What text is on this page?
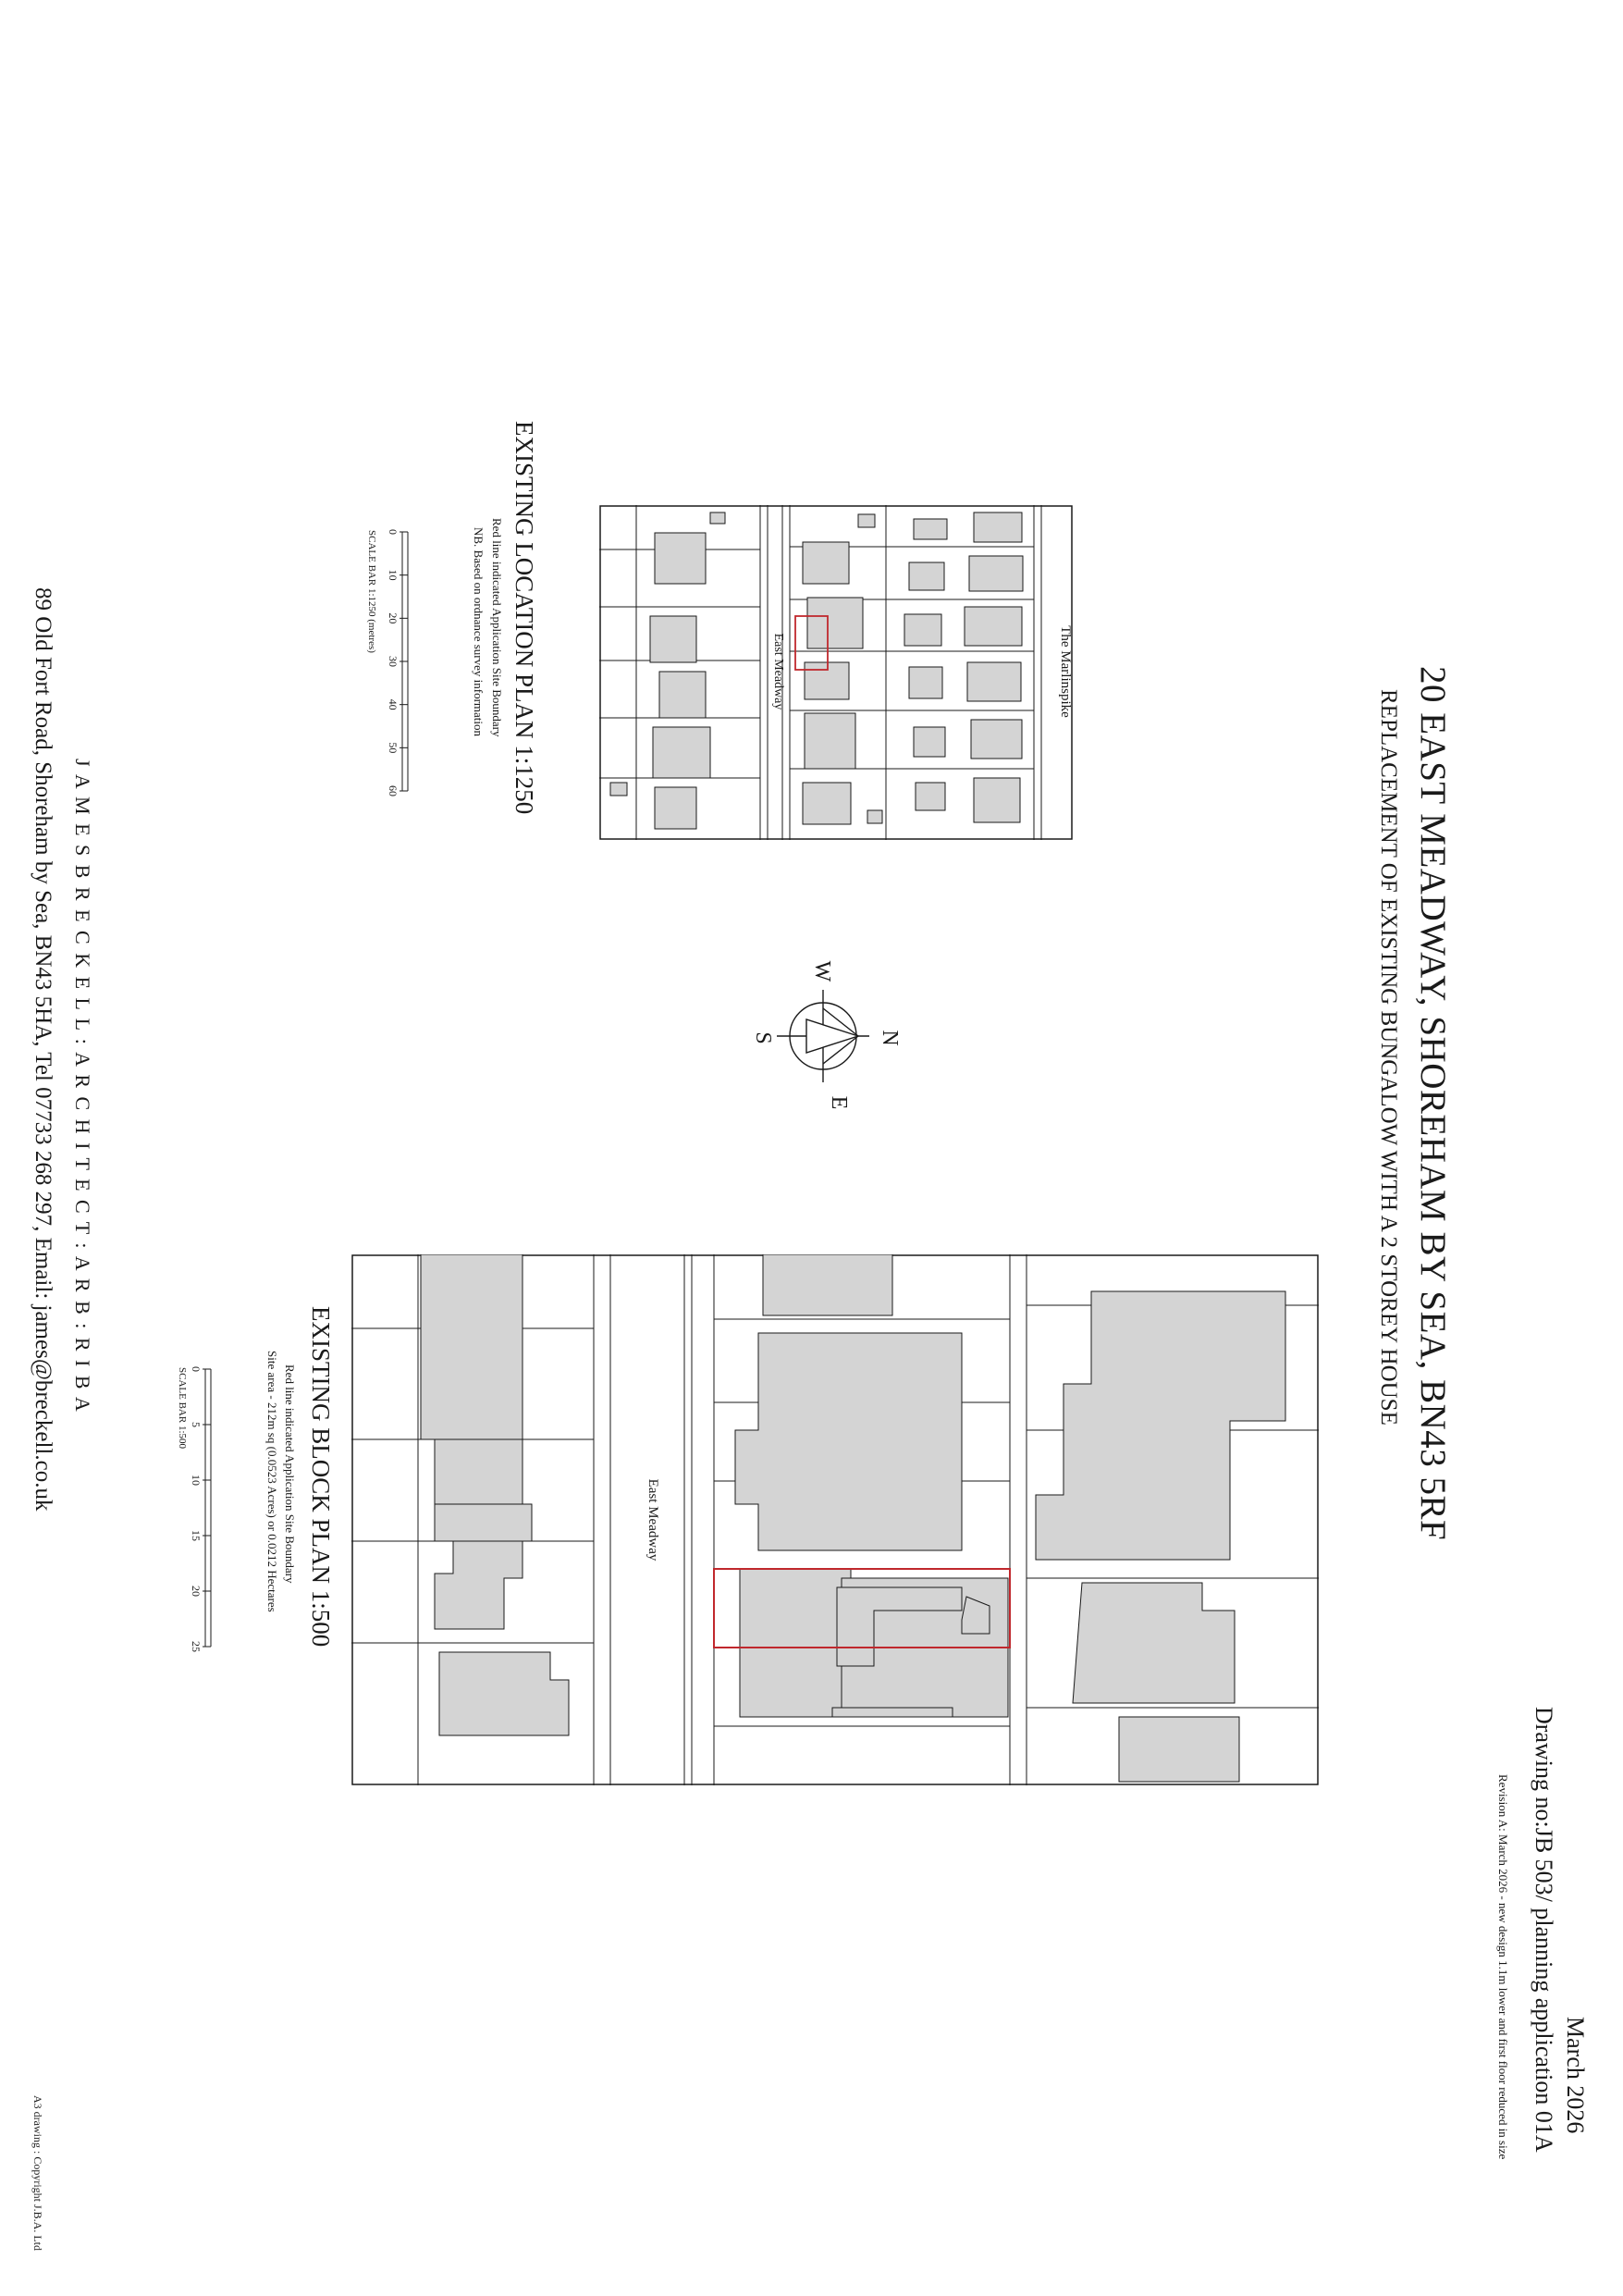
20 EAST MEADWAY, SHOREHAM BY SEA, BN43 5RF
REPLACEMENT OF EXISTING BUNGALOW WITH A 2 STOREY HOUSE
March 2026
Drawing no:JB 503/ planning application 01A
Revision A: March 2026 - new design 1.1m lower and first floor reduced in size
The Marlinspike
East Meadway
EXISTING LOCATION PLAN 1:1250
Red line indicated Application Site Boundary
NB. Based on ordnance survey information
0
10
20
30
40
50
60
SCALE BAR 1:1250 (metres)
N
E
S
W
East Meadway
EXISTING BLOCK PLAN 1:500
Red line indicated Application Site Boundary
Site area - 212m sq (0.0523 Acres) or 0.0212 Hectares
0
5
10
15
20
25
SCALE BAR 1:500
J A M E S B R E C K E L L : A R C H I T E C T : A R B : R I B A
89 Old Fort Road, Shoreham by Sea, BN43 5HA, Tel 07733 268 297, Email: james@breckell.co.uk
A3 drawing : Copyright J.B.A. Ltd
